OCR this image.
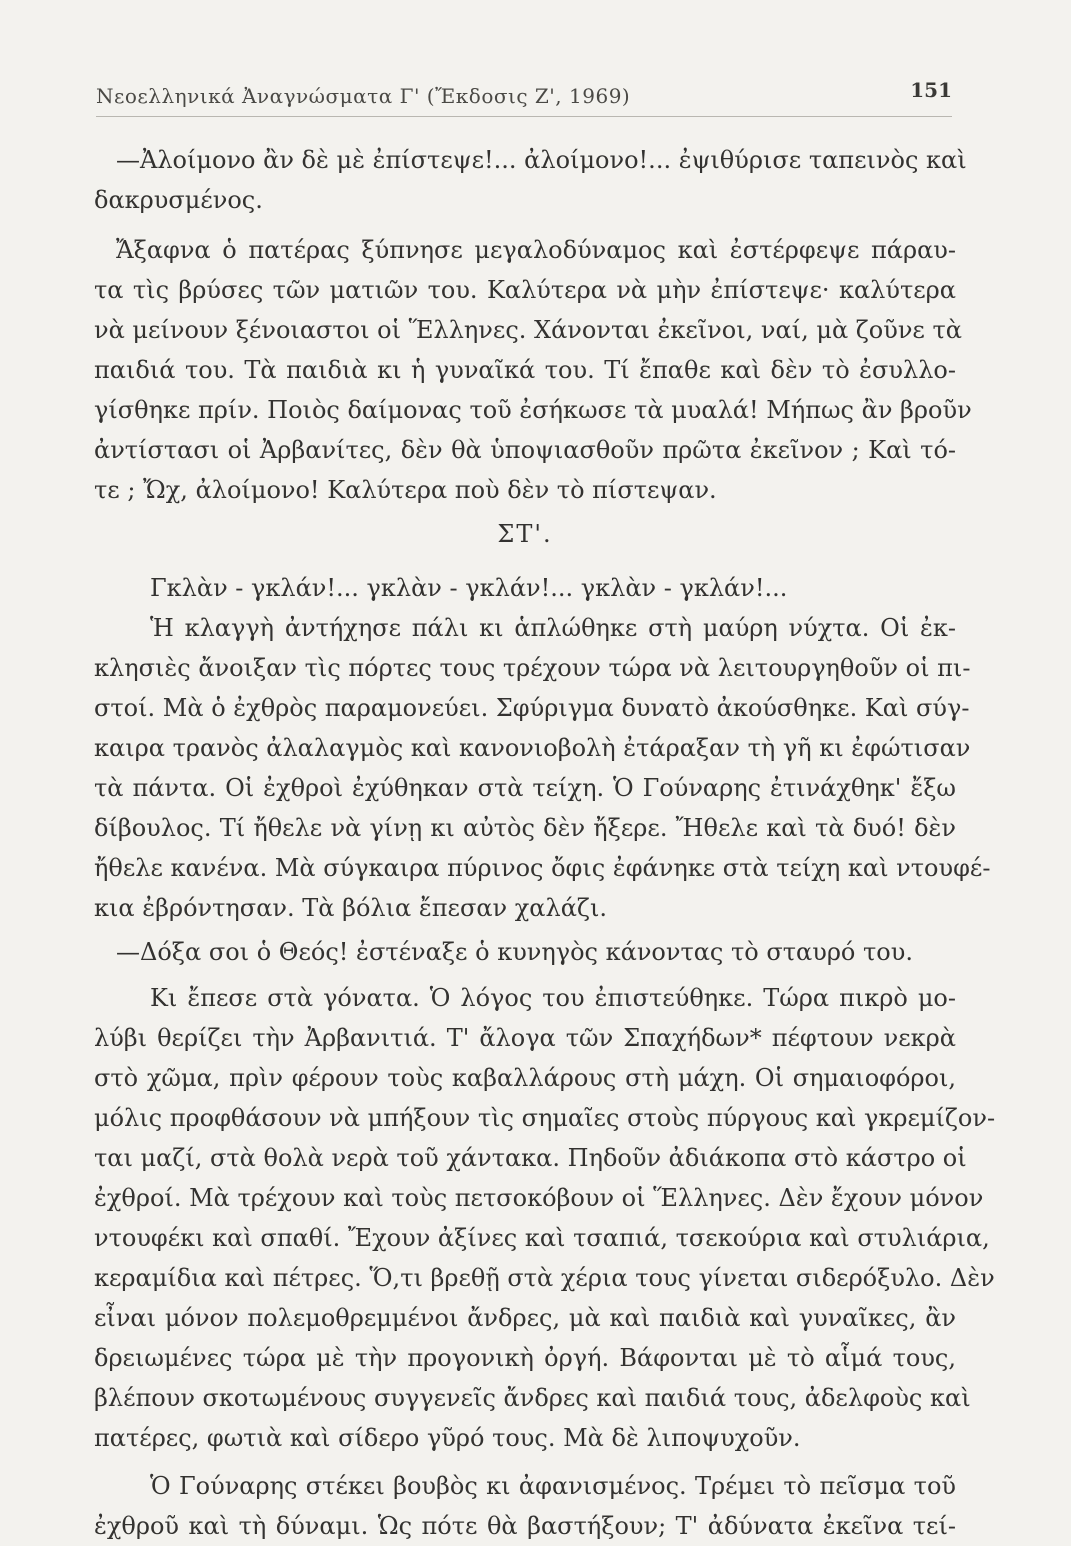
Νεοελληνικά Ἀναγνώσματα Γ' (Ἔκδοσις Ζ', 1969)	151
—Ἀλοίμονο ἂν δὲ μὲ ἐπίστεψε!... ἀλοίμονο!... ἐψιθύρισε ταπεινὸς καὶ
δακρυσμένος.
Ἄξαφνα ὁ πατέρας ξύπνησε μεγαλοδύναμος καὶ ἐστέρφεψε πάραυ-
τα τὶς βρύσες τῶν ματιῶν του. Καλύτερα νὰ μὴν ἐπίστεψε· καλύτερα
νὰ μείνουν ξένοιαστοι οἱ Ἕλληνες. Χάνονται ἐκεῖνοι, ναί, μὰ ζοῦνε τὰ
παιδιά του. Τὰ παιδιὰ κι ἡ γυναῖκά του. Τί ἔπαθε καὶ δὲν τὸ ἐσυλλο-
γίσθηκε πρίν. Ποιὸς δαίμονας τοῦ ἐσήκωσε τὰ μυαλά! Μήπως ἂν βροῦν
ἀντίστασι οἱ Ἀρβανίτες, δὲν θὰ ὑποψιασθοῦν πρῶτα ἐκεῖνον ; Καὶ τό-
τε ; Ὤχ, ἀλοίμονο! Καλύτερα ποὺ δὲν τὸ πίστεψαν.
ΣΤ'.
Γκλὰν - γκλάν!... γκλὰν - γκλάν!... γκλὰν - γκλάν!...
Ἡ κλαγγὴ ἀντήχησε πάλι κι ἁπλώθηκε στὴ μαύρη νύχτα. Οἱ ἐκ-
κλησιὲς ἄνοιξαν τὶς πόρτες τους τρέχουν τώρα νὰ λειτουργηθοῦν οἱ πι-
στοί. Μὰ ὁ ἐχθρὸς παραμονεύει. Σφύριγμα δυνατὸ ἀκούσθηκε. Καὶ σύγ-
καιρα τρανὸς ἀλαλαγμὸς καὶ κανονιοβολὴ ἐτάραξαν τὴ γῆ κι ἐφώτισαν
τὰ πάντα. Οἱ ἐχθροὶ ἐχύθηκαν στὰ τείχη. Ὁ Γούναρης ἐτινάχθηκ' ἔξω
δίβουλος. Τί ἤθελε νὰ γίνῃ κι αὐτὸς δὲν ἤξερε. Ἤθελε καὶ τὰ δυό! δὲν
ἤθελε κανένα. Μὰ σύγκαιρα πύρινος ὄφις ἐφάνηκε στὰ τείχη καὶ ντουφέ-
κια ἐβρόντησαν. Τὰ βόλια ἔπεσαν χαλάζι.
—Δόξα σοι ὁ Θεός! ἐστέναξε ὁ κυνηγὸς κάνοντας τὸ σταυρό του.
Κι ἔπεσε στὰ γόνατα. Ὁ λόγος του ἐπιστεύθηκε. Τώρα πικρὸ μο-
λύβι θερίζει τὴν Ἀρβανιτιά. Τ' ἄλογα τῶν Σπαχήδων* πέφτουν νεκρὰ
στὸ χῶμα, πρὶν φέρουν τοὺς καβαλλάρους στὴ μάχη. Οἱ σημαιοφόροι,
μόλις προφθάσουν νὰ μπήξουν τὶς σημαῖες στοὺς πύργους καὶ γκρεμίζον-
ται μαζί, στὰ θολὰ νερὰ τοῦ χάντακα. Πηδοῦν ἀδιάκοπα στὸ κάστρο οἱ
ἐχθροί. Μὰ τρέχουν καὶ τοὺς πετσοκόβουν οἱ Ἕλληνες. Δὲν ἔχουν μόνον
ντουφέκι καὶ σπαθί. Ἔχουν ἀξίνες καὶ τσαπιά, τσεκούρια καὶ στυλιάρια,
κεραμίδια καὶ πέτρες. Ὅ,τι βρεθῇ στὰ χέρια τους γίνεται σιδερόξυλο. Δὲν
εἶναι μόνον πολεμοθρεμμένοι ἄνδρες, μὰ καὶ παιδιὰ καὶ γυναῖκες, ἂν
δρειωμένες τώρα μὲ τὴν προγονικὴ ὀργή. Βάφονται μὲ τὸ αἷμά τους,
βλέπουν σκοτωμένους συγγενεῖς ἄνδρες καὶ παιδιά τους, ἀδελφοὺς καὶ
πατέρες, φωτιὰ καὶ σίδερο γῦρό τους. Μὰ δὲ λιποψυχοῦν.
Ὁ Γούναρης στέκει βουβὸς κι ἀφανισμένος. Τρέμει τὸ πεῖσμα τοῦ
ἐχθροῦ καὶ τὴ δύναμι. Ὡς πότε θὰ βαστήξουν; Τ' ἀδύνατα ἐκεῖνα τεί-
